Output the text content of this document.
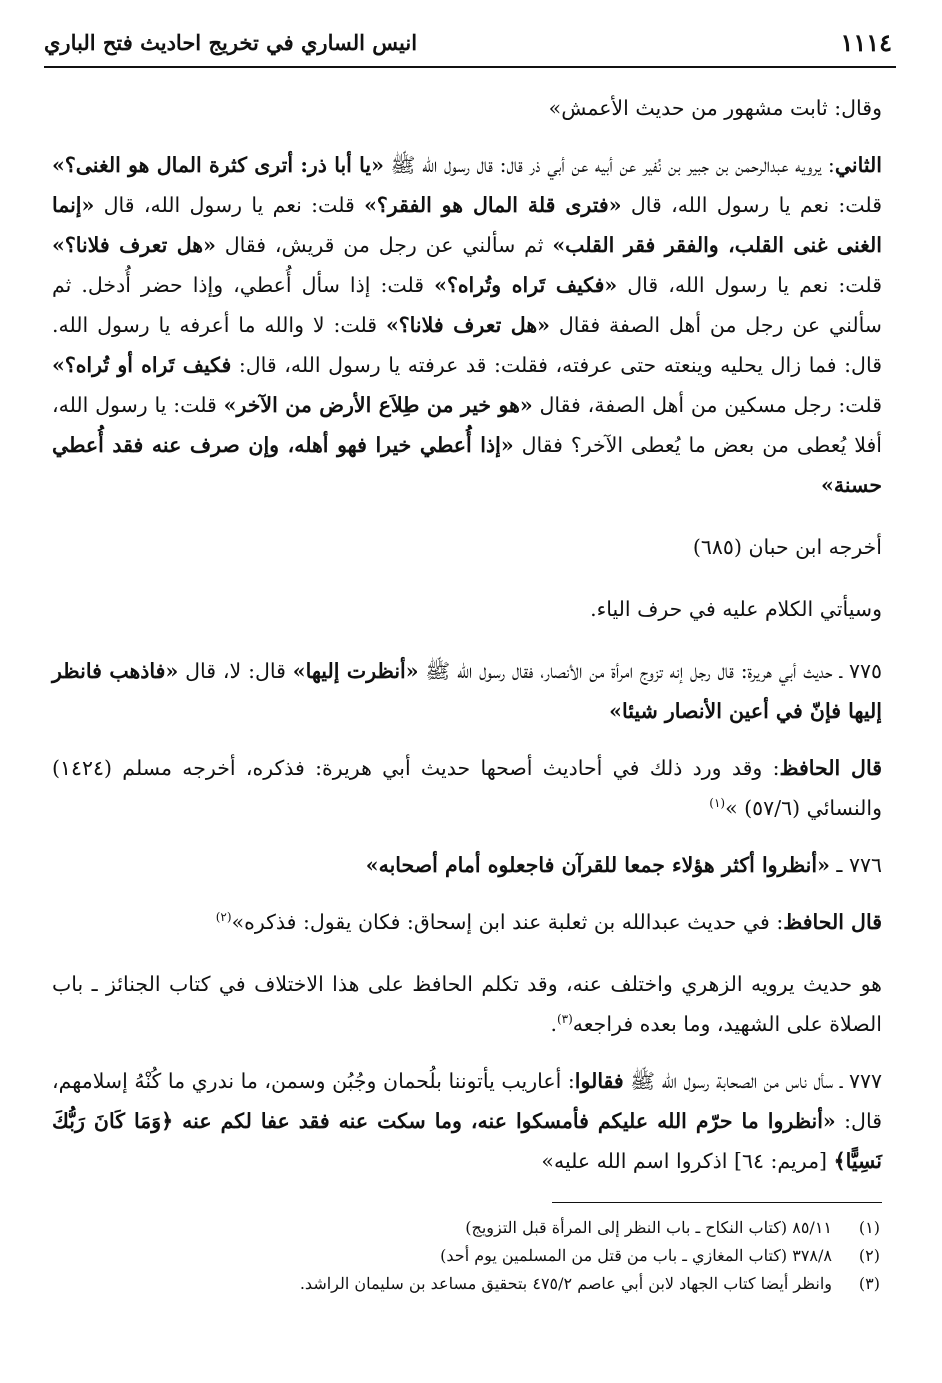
١١١٤
انيس الساري في تخريج احاديث فتح الباري

وقال: ثابت مشهور من حديث الأعمش»

الثاني: يرويه عبدالرحمن بن جبير بن نُفير عن أبيه عن أبي ذر قال: قال رسول الله ﷺ «يا أبا ذر: أترى كثرة المال هو الغنى؟» قلت: نعم يا رسول الله، قال «فترى قلة المال هو الفقر؟» قلت: نعم يا رسول الله، قال «إنما الغنى غنى القلب، والفقر فقر القلب» ثم سألني عن رجل من قريش، فقال «هل تعرف فلانا؟» قلت: نعم يا رسول الله، قال «فكيف تَراه وتُراه؟» قلت: إذا سأل أُعطي، وإذا حضر أُدخل. ثم سألني عن رجل من أهل الصفة فقال «هل تعرف فلانا؟» قلت: لا والله ما أعرفه يا رسول الله. قال: فما زال يحليه وينعته حتى عرفته، فقلت: قد عرفته يا رسول الله، قال: فكيف تَراه أو تُراه؟» قلت: رجل مسكين من أهل الصفة، فقال «هو خير من طِلاَع الأرض من الآخر» قلت: يا رسول الله، أفلا يُعطى من بعض ما يُعطى الآخر؟ فقال «إذا أُعطي خيرا فهو أهله، وإن صرف عنه فقد أُعطي حسنة»

أخرجه ابن حبان (٦٨٥)

وسيأتي الكلام عليه في حرف الياء.

٧٧٥ ـ حديث أبي هريرة: قال رجل إنه تزوج امرأة من الأنصار، فقال رسول الله ﷺ «أنظرت إليها» قال: لا، قال «فاذهب فانظر إليها فإنّ في أعين الأنصار شيئا»

قال الحافظ: وقد ورد ذلك في أحاديث أصحها حديث أبي هريرة: فذكره، أخرجه مسلم (١٤٢٤) والنسائي (٥٧/٦) »$^{(١)}$

٧٧٦ ـ «أنظروا أكثر هؤلاء جمعا للقرآن فاجعلوه أمام أصحابه»

قال الحافظ: في حديث عبدالله بن ثعلبة عند ابن إسحاق: فكان يقول: فذكره»$^{(٢)}$

هو حديث يرويه الزهري واختلف عنه، وقد تكلم الحافظ على هذا الاختلاف في كتاب الجنائز ـ باب الصلاة على الشهيد، وما بعده فراجعه$^{(٣)}$.

٧٧٧ ـ سأل ناس من الصحابة رسول الله ﷺ فقالوا: أعاريب يأتوننا بلُحمان وجُبُن وسمن، ما ندري ما كُنْهُ إسلامهم، قال: «أنظروا ما حرّم الله عليكم فأمسكوا عنه، وما سكت عنه فقد عفا لكم عنه ﴿وَمَا كَانَ رَبُّكَ نَسِيًّا﴾ [مريم: ٦٤] اذكروا اسم الله عليه»

(١)
٨٥/١١ (كتاب النكاح ـ باب النظر إلى المرأة قبل التزويج)
(٢)
٣٧٨/٨ (كتاب المغازي ـ باب من قتل من المسلمين يوم أحد)
(٣)
وانظر أيضا كتاب الجهاد لابن أبي عاصم ٤٧٥/٢ بتحقيق مساعد بن سليمان الراشد.
